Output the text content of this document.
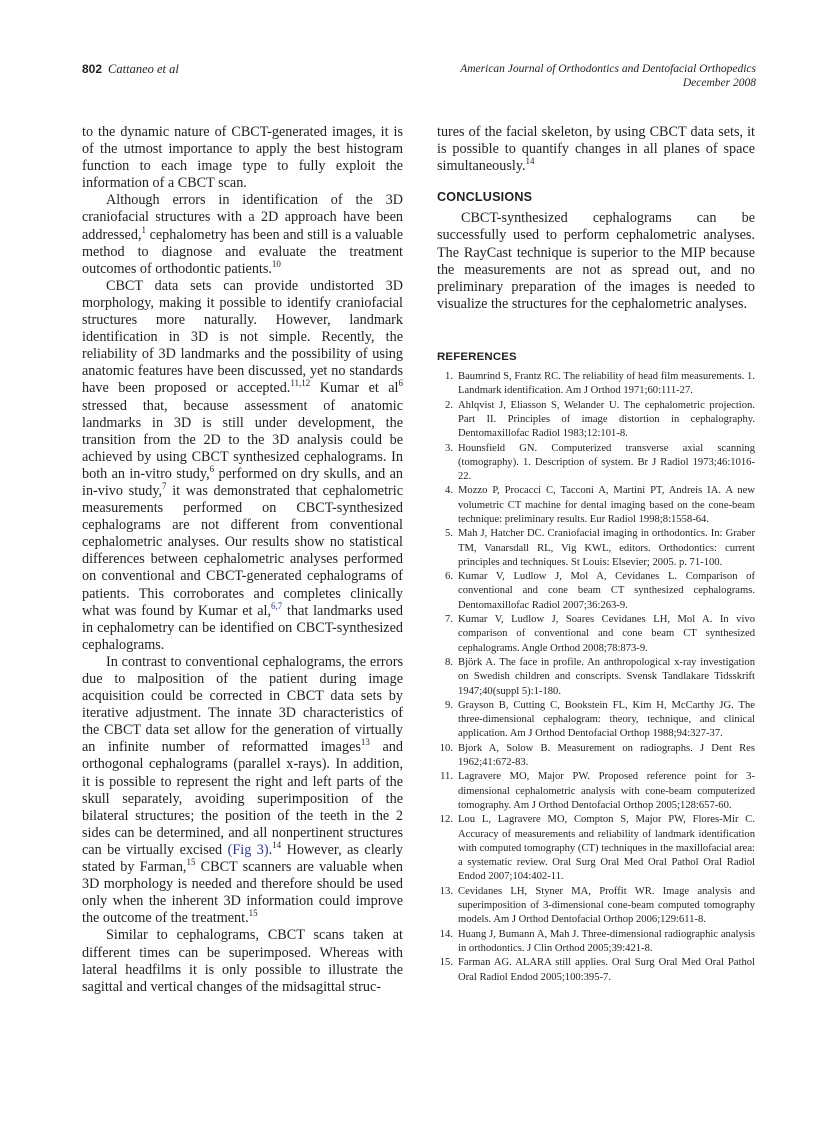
802 Cattaneo et al	American Journal of Orthodontics and Dentofacial Orthopedics
December 2008

to the dynamic nature of CBCT-generated images, it is of the utmost importance to apply the best histogram function to each image type to fully exploit the information of a CBCT scan.

Although errors in identification of the 3D craniofacial structures with a 2D approach have been addressed,$^1$ cephalometry has been and still is a valuable method to diagnose and evaluate the treatment outcomes of orthodontic patients.$^{10}$

CBCT data sets can provide undistorted 3D morphology, making it possible to identify craniofacial structures more naturally. However, landmark identification in 3D is not simple. Recently, the reliability of 3D landmarks and the possibility of using anatomic features have been discussed, yet no standards have been proposed or accepted.$^{11,12}$ Kumar et $al^6$ stressed that, because assessment of anatomic landmarks in 3D is still under development, the transition from the 2D to the 3D analysis could be achieved by using CBCT synthesized cephalograms. In both an in-vitro study,$^6$ performed on dry skulls, and an in-vivo study,$^7$ it was demonstrated that cephalometric measurements performed on CBCT-synthesized cephalograms are not different from conventional cephalometric analyses. Our results show no statistical differences between cephalometric analyses performed on conventional and CBCT-generated cephalograms of patients. This corroborates and completes clinically what was found by Kumar et al,$^{6,7}$ that landmarks used in cephalometry can be identified on CBCT-synthesized cephalograms.

In contrast to conventional cephalograms, the errors due to malposition of the patient during image acquisition could be corrected in CBCT data sets by iterative adjustment. The innate 3D characteristics of the CBCT data set allow for the generation of virtually an infinite number of reformatted images$^{13}$ and orthogonal cephalograms (parallel x-rays). In addition, it is possible to represent the right and left parts of the skull separately, avoiding superimposition of the bilateral structures; the position of the teeth in the 2 sides can be determined, and all nonpertinent structures can be virtually excised (Fig 3).$^{14}$ However, as clearly stated by Farman,$^{15}$ CBCT scanners are valuable when 3D morphology is needed and therefore should be used only when the inherent 3D information could improve the outcome of the treatment.$^{15}$

Similar to cephalograms, CBCT scans taken at different times can be superimposed. Whereas with lateral headfilms it is only possible to illustrate the sagittal and vertical changes of the midsagittal struc-

tures of the facial skeleton, by using CBCT data sets, it is possible to quantify changes in all planes of space simultaneously.$^{14}$

CONCLUSIONS

CBCT-synthesized cephalograms can be successfully used to perform cephalometric analyses. The RayCast technique is superior to the MIP because the measurements are not as spread out, and no preliminary preparation of the images is needed to visualize the structures for the cephalometric analyses.

REFERENCES
1. Baumrind S, Frantz RC. The reliability of head film measurements. 1. Landmark identification. Am J Orthod 1971;60:111-27.
2. Ahlqvist J, Eliasson S, Welander U. The cephalometric projection. Part II. Principles of image distortion in cephalography. Dentomaxillofac Radiol 1983;12:101-8.
3. Hounsfield GN. Computerized transverse axial scanning (tomography). 1. Description of system. Br J Radiol 1973;46:1016-22.
4. Mozzo P, Procacci C, Tacconi A, Martini PT, Andreis IA. A new volumetric CT machine for dental imaging based on the cone-beam technique: preliminary results. Eur Radiol 1998;8:1558-64.
5. Mah J, Hatcher DC. Craniofacial imaging in orthodontics. In: Graber TM, Vanarsdall RL, Vig KWL, editors. Orthodontics: current principles and techniques. St Louis: Elsevier; 2005. p. 71-100.
6. Kumar V, Ludlow J, Mol A, Cevidanes L. Comparison of conventional and cone beam CT synthesized cephalograms. Dentomaxillofac Radiol 2007;36:263-9.
7. Kumar V, Ludlow J, Soares Cevidanes LH, Mol A. In vivo comparison of conventional and cone beam CT synthesized cephalograms. Angle Orthod 2008;78:873-9.
8. Björk A. The face in profile. An anthropological x-ray investigation on Swedish children and conscripts. Svensk Tandlakare Tidsskrift 1947;40(suppl 5):1-180.
9. Grayson B, Cutting C, Bookstein FL, Kim H, McCarthy JG. The three-dimensional cephalogram: theory, technique, and clinical application. Am J Orthod Dentofacial Orthop 1988;94:327-37.
10. Bjork A, Solow B. Measurement on radiographs. J Dent Res 1962;41:672-83.
11. Lagravere MO, Major PW. Proposed reference point for 3-dimensional cephalometric analysis with cone-beam computerized tomography. Am J Orthod Dentofacial Orthop 2005;128:657-60.
12. Lou L, Lagravere MO, Compton S, Major PW, Flores-Mir C. Accuracy of measurements and reliability of landmark identification with computed tomography (CT) techniques in the maxillofacial area: a systematic review. Oral Surg Oral Med Oral Pathol Oral Radiol Endod 2007;104:402-11.
13. Cevidanes LH, Styner MA, Proffit WR. Image analysis and superimposition of 3-dimensional cone-beam computed tomography models. Am J Orthod Dentofacial Orthop 2006;129:611-8.
14. Huang J, Bumann A, Mah J. Three-dimensional radiographic analysis in orthodontics. J Clin Orthod 2005;39:421-8.
15. Farman AG. ALARA still applies. Oral Surg Oral Med Oral Pathol Oral Radiol Endod 2005;100:395-7.
